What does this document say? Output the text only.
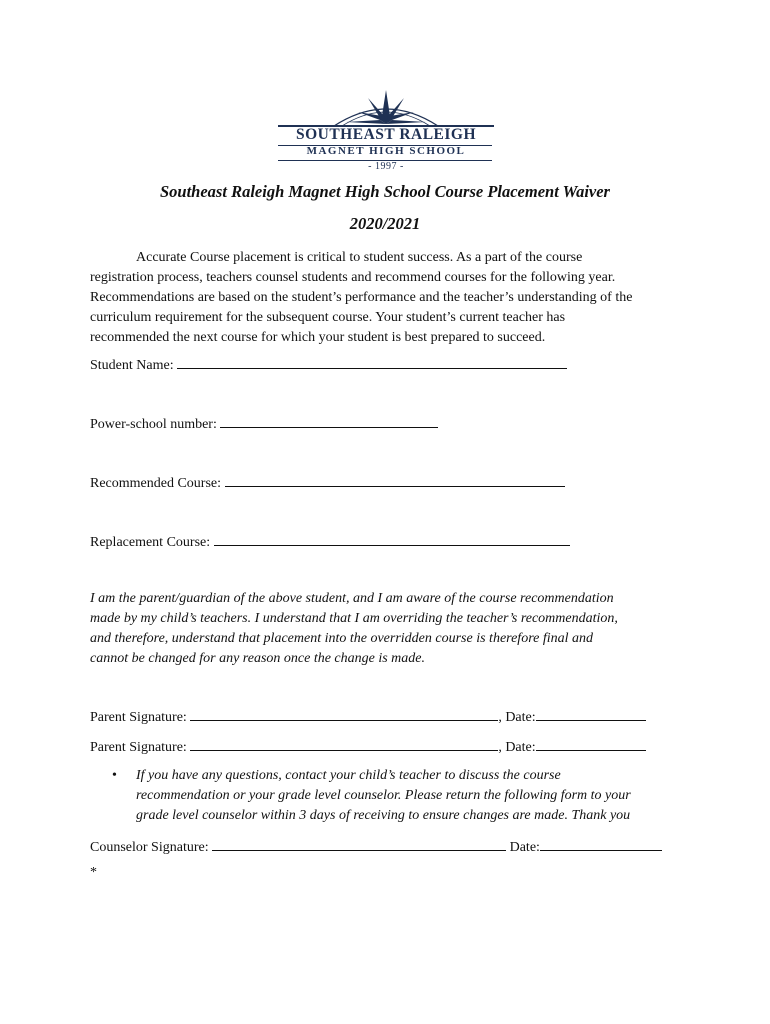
SOUTHEAST RALEIGH
MAGNET HIGH SCHOOL
- 1997 -
Southeast Raleigh Magnet High School Course Placement Waiver
2020/2021
Accurate Course placement is critical to student success. As a part of the course
registration process, teachers counsel students and recommend courses for the following year.
Recommendations are based on the student’s performance and the teacher’s understanding of the
curriculum requirement for the subsequent course. Your student’s current teacher has
recommended the next course for which your student is best prepared to succeed.
Student Name:
Power-school number:
Recommended Course:
Replacement Course:
I am the parent/guardian of the above student, and I am aware of the course recommendation
made by my child’s teachers. I understand that I am overriding the teacher’s recommendation,
and therefore, understand that placement into the overridden course is therefore final and
cannot be changed for any reason once the change is made.
Parent Signature:	, Date:
Parent Signature:	, Date:
• If you have any questions, contact your child’s teacher to discuss the course
recommendation or your grade level counselor. Please return the following form to your
grade level counselor within 3 days of receiving to ensure changes are made. Thank you
Counselor Signature:	Date:
*
